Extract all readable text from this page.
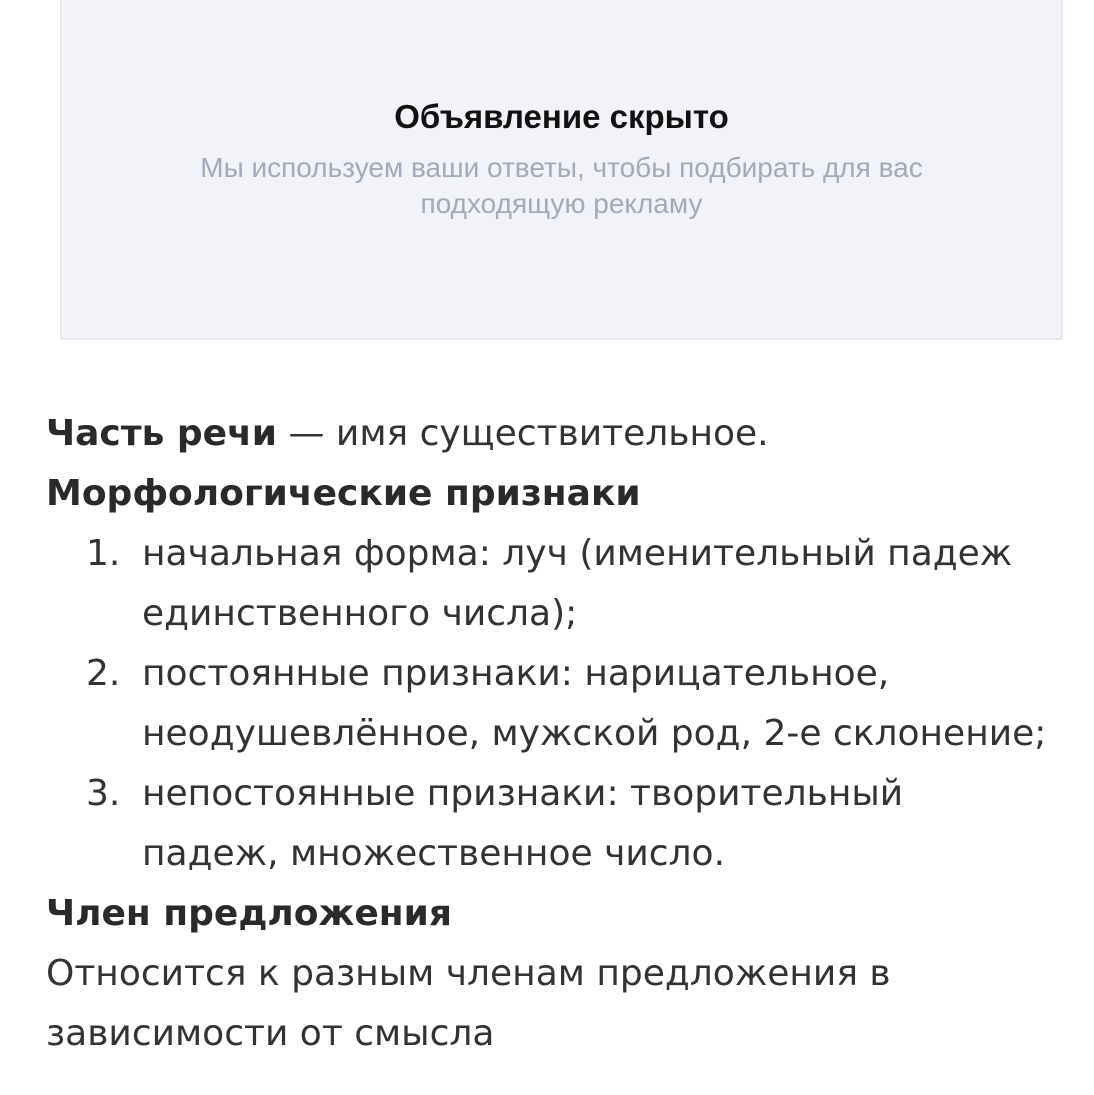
Объявление скрыто
Мы используем ваши ответы, чтобы подбирать для вас подходящую рекламу
Часть речи — имя существительное.
Морфологические признаки
1. начальная форма: луч (именительный падеж
единственного числа);
2. постоянные признаки: нарицательное,
неодушевлённое, мужской род, 2-е склонение;
3. непостоянные признаки: творительный
падеж, множественное число.
Член предложения
Относится к разным членам предложения в
зависимости от смысла
